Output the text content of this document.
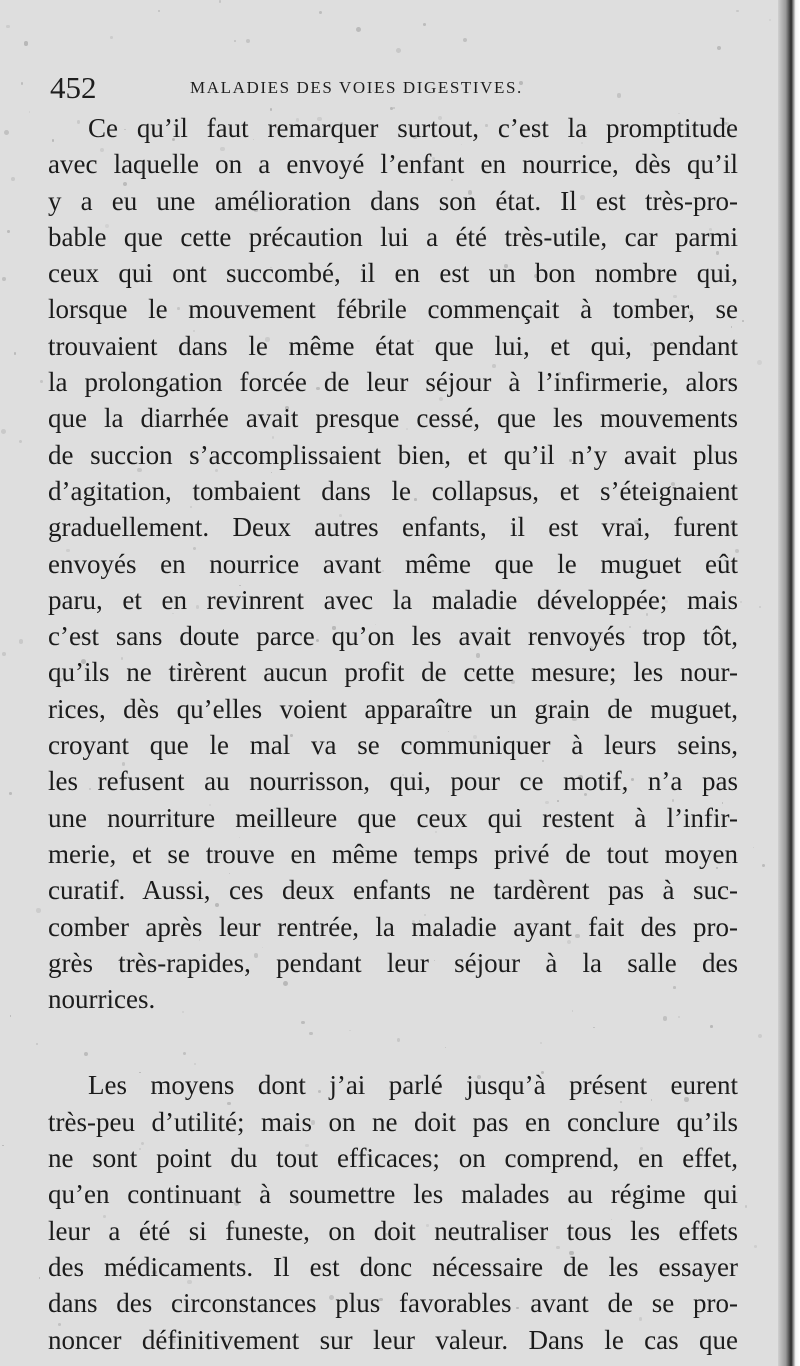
452	MALADIES DES VOIES DIGESTIVES.
Ce qu’il faut remarquer surtout, c’est la promptitude
avec laquelle on a envoyé l’enfant en nourrice, dès qu’il
y a eu une amélioration dans son état. Il est très-pro-
bable que cette précaution lui a été très-utile, car parmi
ceux qui ont succombé, il en est un bon nombre qui,
lorsque le mouvement fébrile commençait à tomber, se
trouvaient dans le même état que lui, et qui, pendant
la prolongation forcée de leur séjour à l’infirmerie, alors
que la diarrhée avait presque cessé, que les mouvements
de succion s’accomplissaient bien, et qu’il n’y avait plus
d’agitation, tombaient dans le collapsus, et s’éteignaient
graduellement. Deux autres enfants, il est vrai, furent
envoyés en nourrice avant même que le muguet eût
paru, et en revinrent avec la maladie développée; mais
c’est sans doute parce qu’on les avait renvoyés trop tôt,
qu’ils ne tirèrent aucun profit de cette mesure; les nour-
rices, dès qu’elles voient apparaître un grain de muguet,
croyant que le mal va se communiquer à leurs seins,
les refusent au nourrisson, qui, pour ce motif, n’a pas
une nourriture meilleure que ceux qui restent à l’infir-
merie, et se trouve en même temps privé de tout moyen
curatif. Aussi, ces deux enfants ne tardèrent pas à suc-
comber après leur rentrée, la maladie ayant fait des pro-
grès très-rapides, pendant leur séjour à la salle des
nourrices.
Les moyens dont j’ai parlé jusqu’à présent eurent
très-peu d’utilité; mais on ne doit pas en conclure qu’ils
ne sont point du tout efficaces; on comprend, en effet,
qu’en continuant à soumettre les malades au régime qui
leur a été si funeste, on doit neutraliser tous les effets
des médicaments. Il est donc nécessaire de les essayer
dans des circonstances plus favorables avant de se pro-
noncer définitivement sur leur valeur. Dans le cas que
